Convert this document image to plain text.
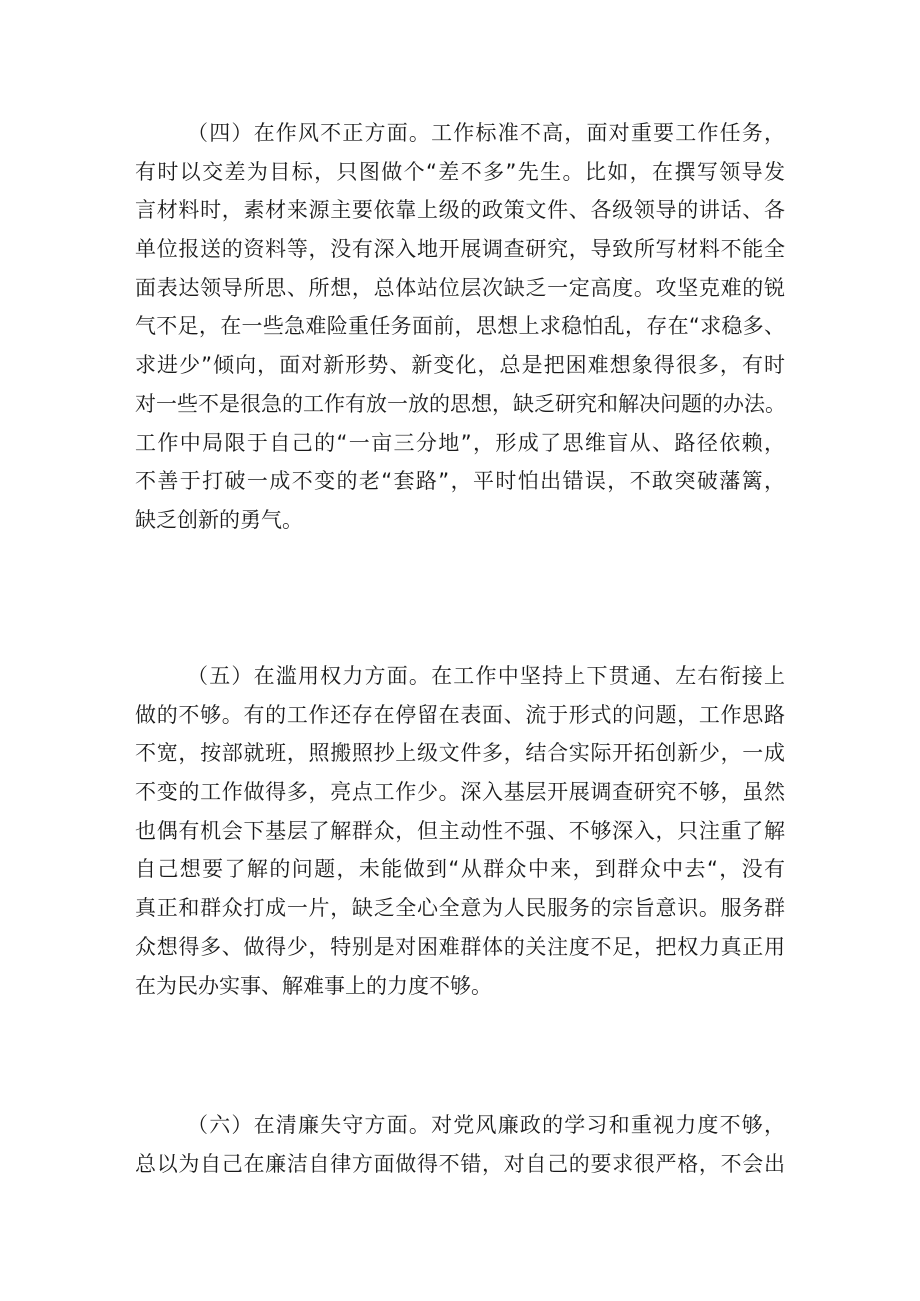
（四）在作风不正方面。工作标准不高，面对重要工作任务，
有时以交差为目标，只图做个“差不多”先生。比如，在撰写领导发
言材料时，素材来源主要依靠上级的政策文件、各级领导的讲话、各
单位报送的资料等，没有深入地开展调查研究，导致所写材料不能全
面表达领导所思、所想，总体站位层次缺乏一定高度。攻坚克难的锐
气不足，在一些急难险重任务面前，思想上求稳怕乱，存在“求稳多、
求进少”倾向，面对新形势、新变化，总是把困难想象得很多，有时
对一些不是很急的工作有放一放的思想，缺乏研究和解决问题的办法。
工作中局限于自己的“一亩三分地”，形成了思维盲从、路径依赖，
不善于打破一成不变的老“套路”，平时怕出错误，不敢突破藩篱，
缺乏创新的勇气。
（五）在滥用权力方面。在工作中坚持上下贯通、左右衔接上
做的不够。有的工作还存在停留在表面、流于形式的问题，工作思路
不宽，按部就班，照搬照抄上级文件多，结合实际开拓创新少，一成
不变的工作做得多，亮点工作少。深入基层开展调查研究不够，虽然
也偶有机会下基层了解群众，但主动性不强、不够深入，只注重了解
自己想要了解的问题，未能做到“从群众中来，到群众中去“，没有
真正和群众打成一片，缺乏全心全意为人民服务的宗旨意识。服务群
众想得多、做得少，特别是对困难群体的关注度不足，把权力真正用
在为民办实事、解难事上的力度不够。
（六）在清廉失守方面。对党风廉政的学习和重视力度不够，
总以为自己在廉洁自律方面做得不错，对自己的要求很严格，不会出
